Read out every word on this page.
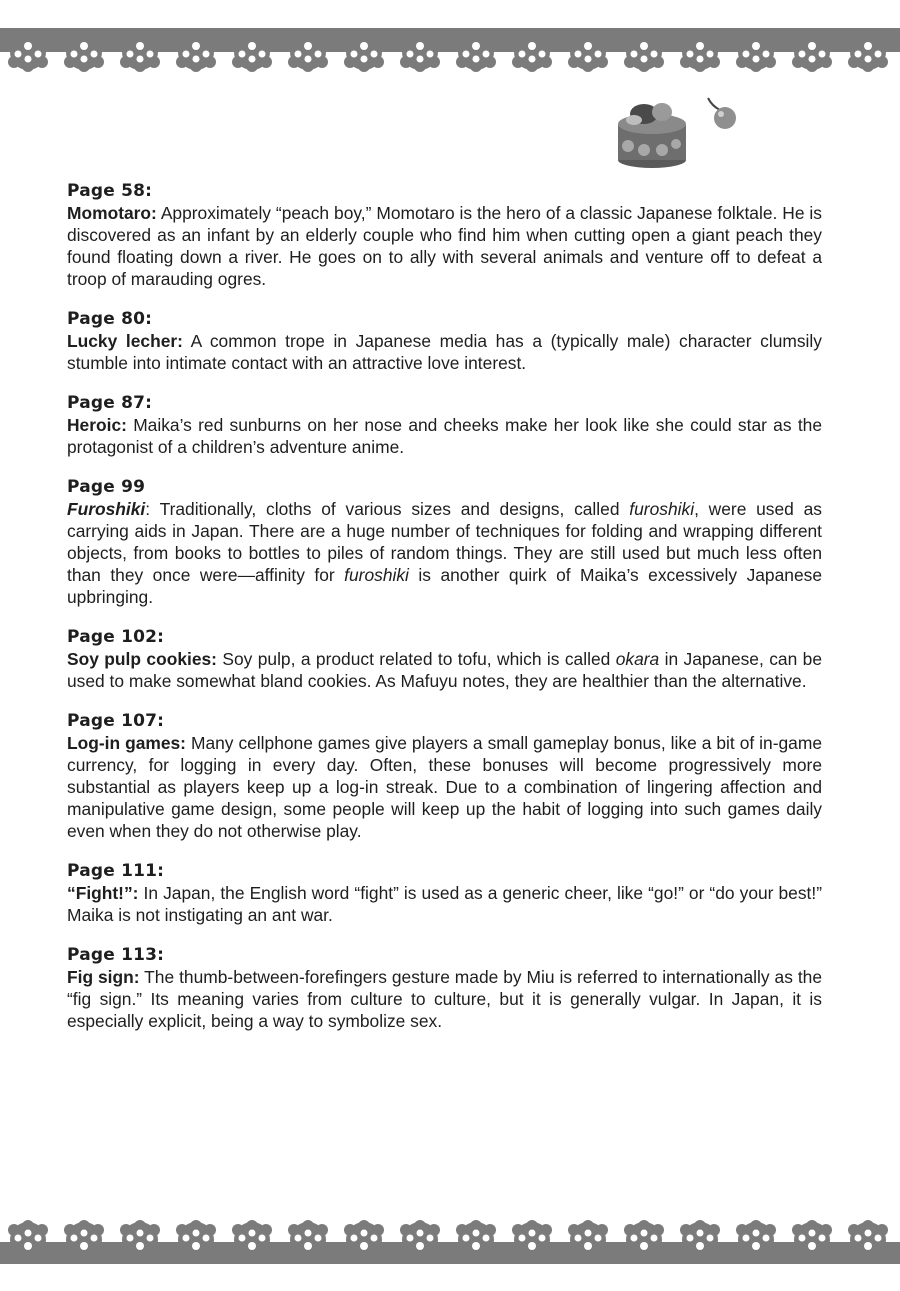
Page 58:

Momotaro: Approximately “peach boy,” Momotaro is the hero of a classic Japanese folktale. He is discovered as an infant by an elderly couple who find him when cutting open a giant peach they found floating down a river. He goes on to ally with several animals and venture off to defeat a troop of marauding ogres.

Page 80:

Lucky lecher: A common trope in Japanese media has a (typically male) character clumsily stumble into intimate contact with an attractive love interest.

Page 87:

Heroic: Maika’s red sunburns on her nose and cheeks make her look like she could star as the protagonist of a children’s adventure anime.

Page 99

Furoshiki: Traditionally, cloths of various sizes and designs, called furoshiki, were used as carrying aids in Japan. There are a huge number of techniques for folding and wrapping different objects, from books to bottles to piles of random things. They are still used but much less often than they once were—affinity for furoshiki is another quirk of Maika’s excessively Japanese upbringing.

Page 102:

Soy pulp cookies: Soy pulp, a product related to tofu, which is called okara in Japanese, can be used to make somewhat bland cookies. As Mafuyu notes, they are healthier than the alternative.

Page 107:

Log-in games: Many cellphone games give players a small gameplay bonus, like a bit of in-game currency, for logging in every day. Often, these bonuses will become progressively more substantial as players keep up a log-in streak. Due to a combination of lingering affection and manipulative game design, some people will keep up the habit of logging into such games daily even when they do not otherwise play.

Page 111:

“Fight!”: In Japan, the English word “fight” is used as a generic cheer, like “go!” or “do your best!” Maika is not instigating an ant war.

Page 113:

Fig sign: The thumb-between-forefingers gesture made by Miu is referred to internationally as the “fig sign.” Its meaning varies from culture to culture, but it is generally vulgar. In Japan, it is especially explicit, being a way to symbolize sex.
